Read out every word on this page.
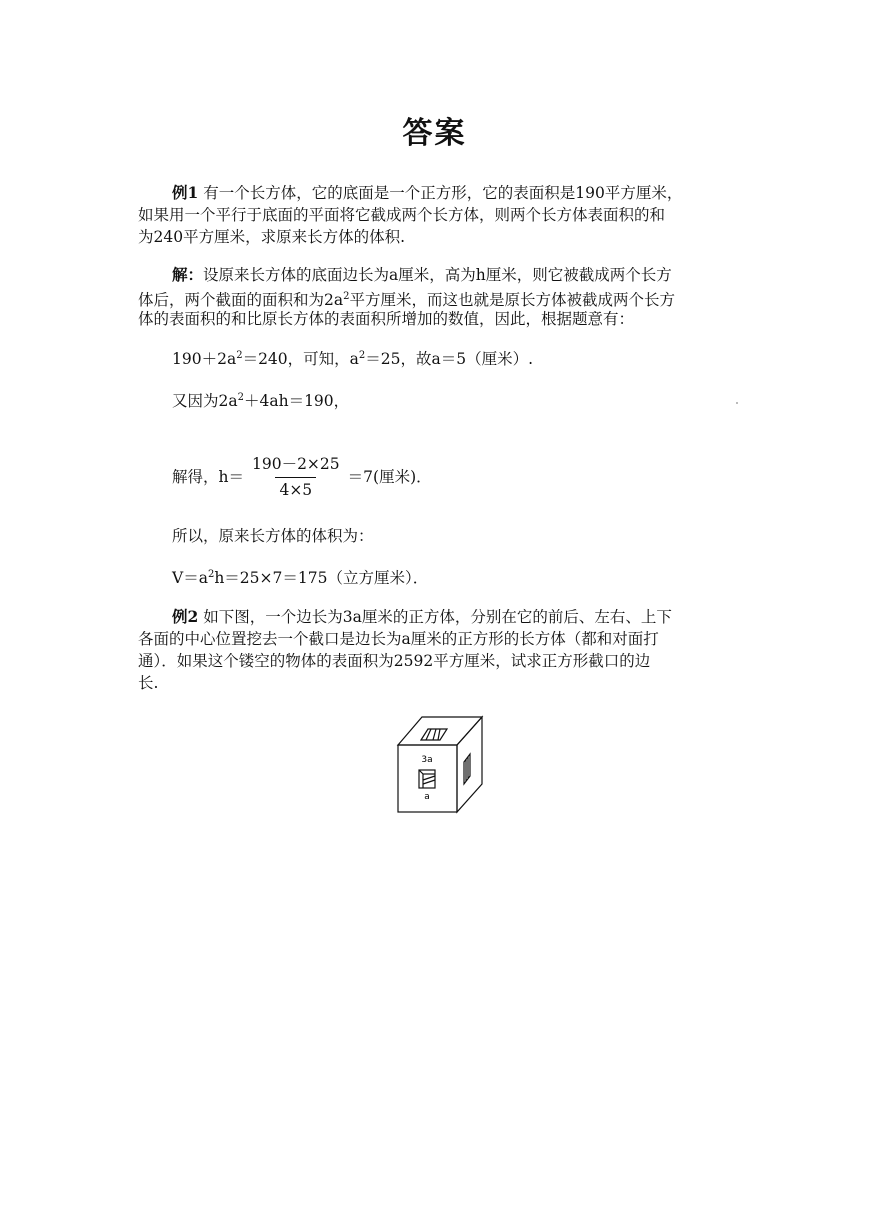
答案
例1 有一个长方体，它的底面是一个正方形，它的表面积是190平方厘米，
如果用一个平行于底面的平面将它截成两个长方体，则两个长方体表面积的和
为240平方厘米，求原来长方体的体积.
解：设原来长方体的底面边长为a厘米，高为h厘米，则它被截成两个长方
体后，两个截面的面积和为$2a^2$平方厘米，而这也就是原长方体被截成两个长方
体的表面积的和比原长方体的表面积所增加的数值，因此，根据题意有：
$190+2a^2=240$，可知，$a^2=25$，故a＝5（厘米）.
又因为$2a^2+4ah=190$，
解得，$h= \frac{190-2\times 25}{4\times 5} =7$(厘米)．
所以，原来长方体的体积为：
$V=a^2h=25\times 7=175$（立方厘米）．
例2 如下图，一个边长为3a厘米的正方体，分别在它的前后、左右、上下
各面的中心位置挖去一个截口是边长为a厘米的正方形的长方体（都和对面打
通）．如果这个镂空的物体的表面积为2592平方厘米，试求正方形截口的边
长.
3a
a
